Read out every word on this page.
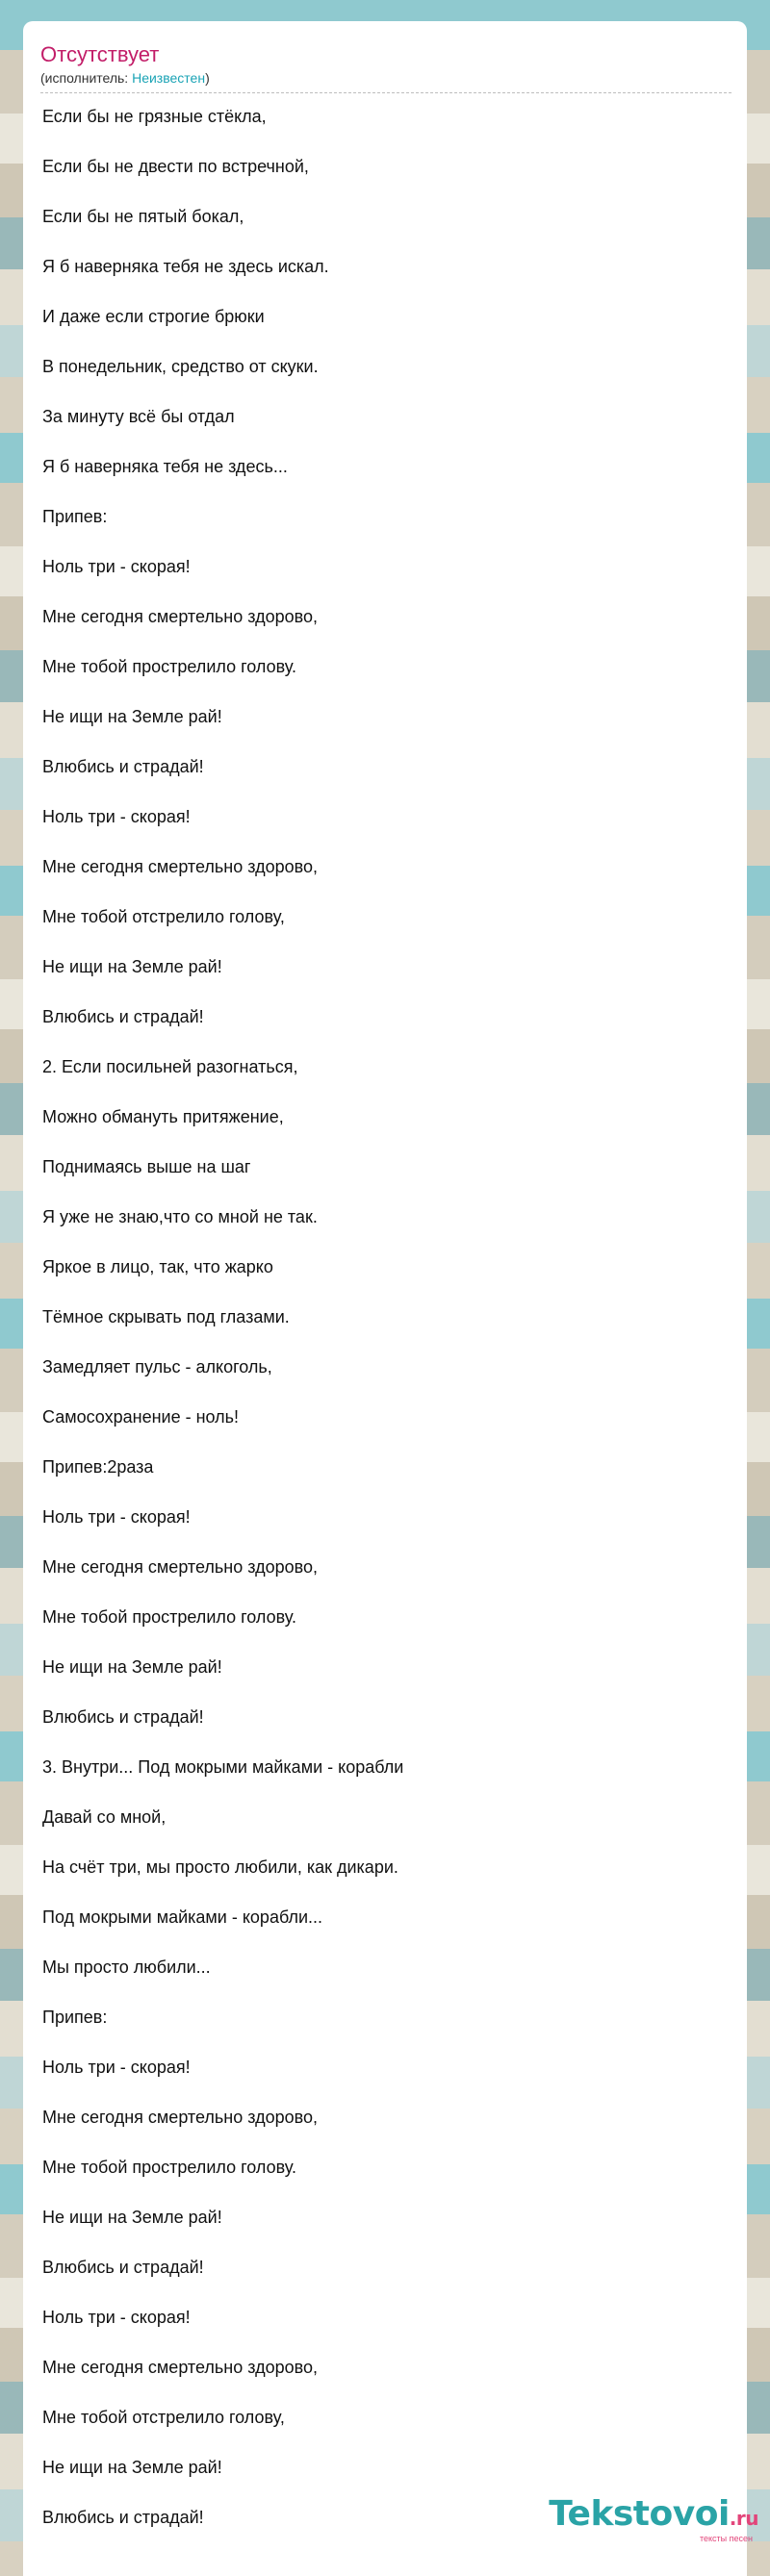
Отсутствует
(исполнитель: Неизвестен)
Если бы не грязные стёкла,
Если бы не двести по встречной,
Если бы не пятый бокал,
Я б наверняка тебя не здесь искал.
И даже если строгие брюки
В понедельник, средство от скуки.
За минуту всё бы отдал
Я б наверняка тебя не здесь...
Припев:
Ноль три - скорая!
Мне сегодня смертельно здорово,
Мне тобой прострелило голову.
Не ищи на Земле рай!
Влюбись и страдай!
Ноль три - скорая!
Мне сегодня смертельно здорово,
Мне тобой отстрелило голову,
Не ищи на Земле рай!
Влюбись и страдай!
2. Если посильней разогнаться,
Можно обмануть притяжение,
Поднимаясь выше на шаг
Я уже не знаю,что со мной не так.
Яркое в лицо, так, что жарко
Тёмное скрывать под глазами.
Замедляет пульс - алкоголь,
Самосохранение - ноль!
Припев:2раза
Ноль три - скорая!
Мне сегодня смертельно здорово,
Мне тобой прострелило голову.
Не ищи на Земле рай!
Влюбись и страдай!
3. Внутри... Под мокрыми майками - корабли
Давай со мной,
На счёт три, мы просто любили, как дикари.
Под мокрыми майками - корабли...
Мы просто любили...
Припев:
Ноль три - скорая!
Мне сегодня смертельно здорово,
Мне тобой прострелило голову.
Не ищи на Земле рай!
Влюбись и страдай!
Ноль три - скорая!
Мне сегодня смертельно здорово,
Мне тобой отстрелило голову,
Не ищи на Земле рай!
Влюбись и страдай!	Tekstovoi.ru
тексты песен
